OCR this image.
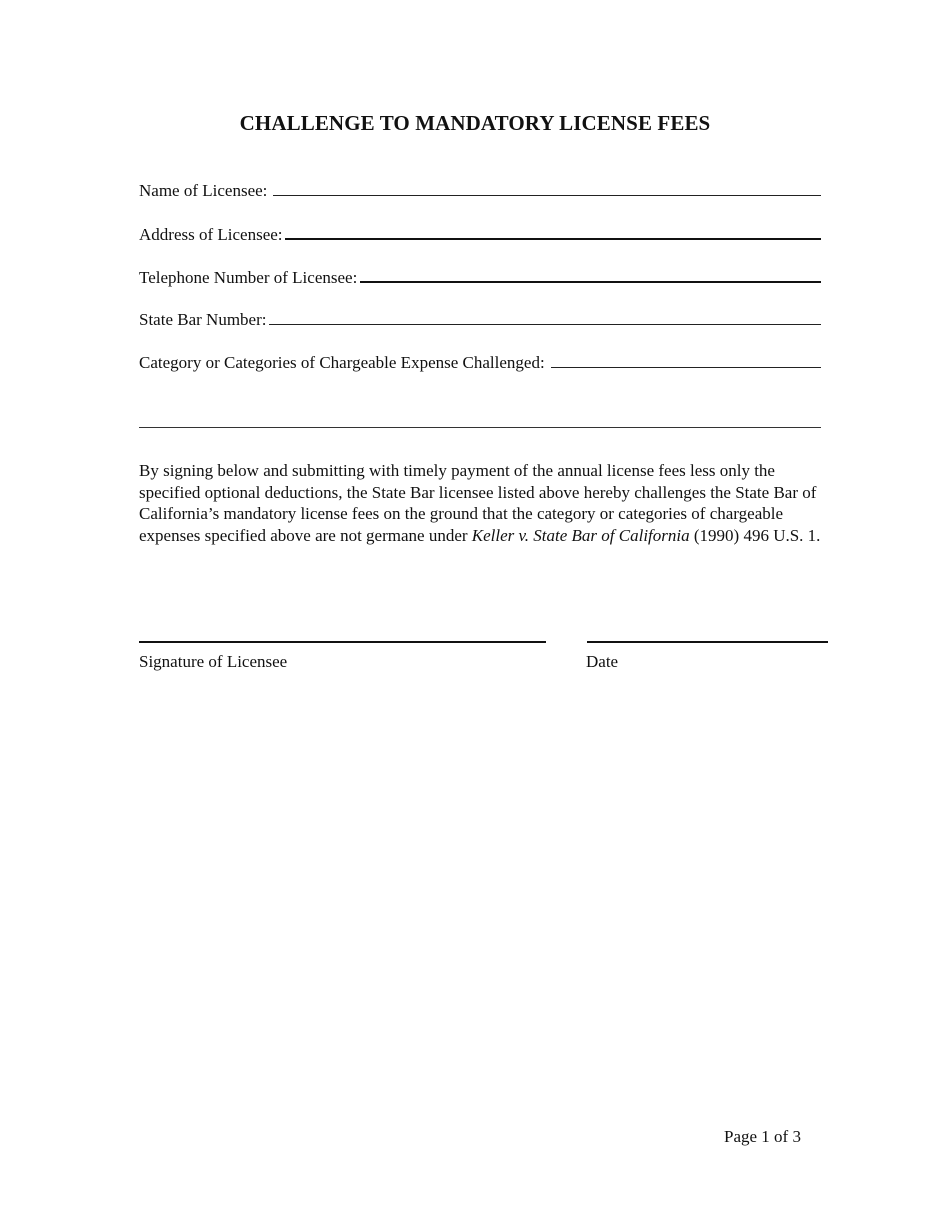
CHALLENGE TO MANDATORY LICENSE FEES
Name of Licensee:
Address of Licensee:
Telephone Number of Licensee:
State Bar Number:
Category or Categories of Chargeable Expense Challenged:
By signing below and submitting with timely payment of the annual license fees less only the specified optional deductions, the State Bar licensee listed above hereby challenges the State Bar of California’s mandatory license fees on the ground that the category or categories of chargeable expenses specified above are not germane under Keller v. State Bar of California (1990) 496 U.S. 1.
Signature of Licensee	Date
Page 1 of 3
